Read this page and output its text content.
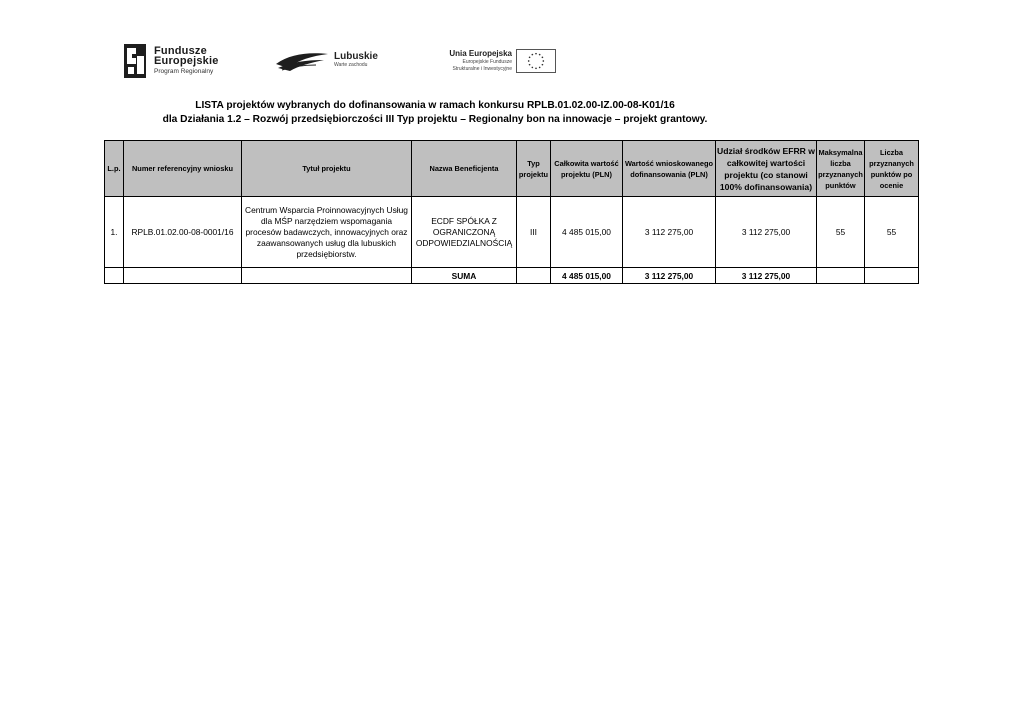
Fundusze
Europejskie
Program Regionalny
Lubuskie
Warte zachodu
Unia Europejska
Europejskie Fundusze
Strukturalne i Inwestycyjne
LISTA projektów wybranych do dofinansowania w ramach konkursu RPLB.01.02.00-IZ.00-08-K01/16
dla Działania 1.2 – Rozwój przedsiębiorczości III Typ projektu – Regionalny bon na innowacje – projekt grantowy.
L.p.	Numer referencyjny wniosku	Tytuł projektu	Nazwa Beneficjenta	Typ projektu	Całkowita wartość projektu (PLN)	Wartość wnioskowanego dofinansowania (PLN)	Udział środków EFRR w całkowitej wartości projektu (co stanowi 100% dofinansowania)	Maksymalna liczba przyznanych punktów	Liczba przyznanych punktów po ocenie
1.	RPLB.01.02.00-08-0001/16	Centrum Wsparcia Proinnowacyjnych Usług dla MŚP narzędziem wspomagania procesów badawczych, innowacyjnych oraz zaawansowanych usług dla lubuskich przedsiębiorstw.	ECDF SPÓŁKA Z OGRANICZONĄ ODPOWIEDZIALNOŚCIĄ	III	4 485 015,00	3 112 275,00	3 112 275,00	55	55
			SUMA		4 485 015,00	3 112 275,00	3 112 275,00		
